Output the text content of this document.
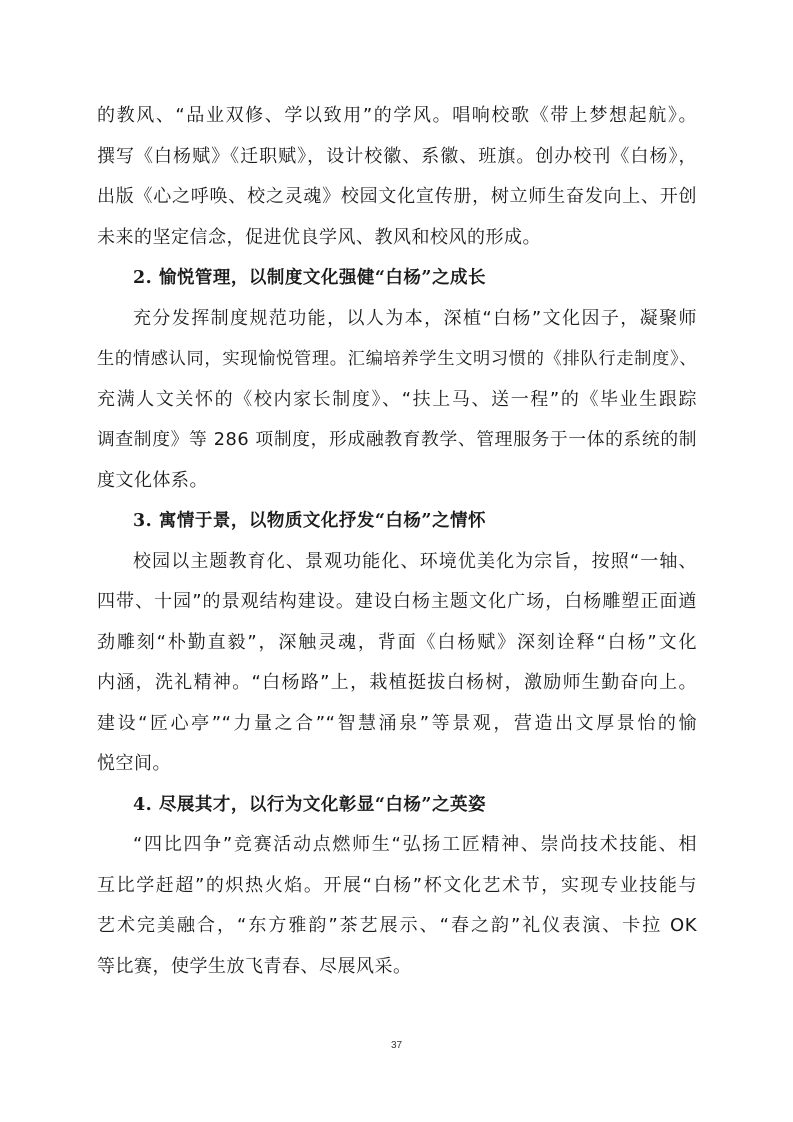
的教风、“品业双修、学以致用”的学风。唱响校歌《带上梦想起航》。
撰写《白杨赋》《迁职赋》，设计校徽、系徽、班旗。创办校刊《白杨》，
出版《心之呼唤、校之灵魂》校园文化宣传册，树立师生奋发向上、开创
未来的坚定信念，促进优良学风、教风和校风的形成。
2. 愉悦管理，以制度文化强健“白杨”之成长
充分发挥制度规范功能，以人为本，深植“白杨”文化因子，凝聚师
生的情感认同，实现愉悦管理。汇编培养学生文明习惯的《排队行走制度》、
充满人文关怀的《校内家长制度》、“扶上马、送一程”的《毕业生跟踪
调查制度》等 286 项制度，形成融教育教学、管理服务于一体的系统的制
度文化体系。
3. 寓情于景，以物质文化抒发“白杨”之情怀
校园以主题教育化、景观功能化、环境优美化为宗旨，按照“一轴、
四带、十园”的景观结构建设。建设白杨主题文化广场，白杨雕塑正面遒
劲雕刻“朴勤直毅”，深触灵魂，背面《白杨赋》深刻诠释“白杨”文化
内涵，洗礼精神。“白杨路”上，栽植挺拔白杨树，激励师生勤奋向上。
建设“匠心亭”“力量之合”“智慧涌泉”等景观，营造出文厚景怡的愉
悦空间。
4. 尽展其才，以行为文化彰显“白杨”之英姿
“四比四争”竞赛活动点燃师生“弘扬工匠精神、崇尚技术技能、相
互比学赶超”的炽热火焰。开展“白杨”杯文化艺术节，实现专业技能与
艺术完美融合，“东方雅韵”茶艺展示、“春之韵”礼仪表演、卡拉 OK
等比赛，使学生放飞青春、尽展风采。
37
